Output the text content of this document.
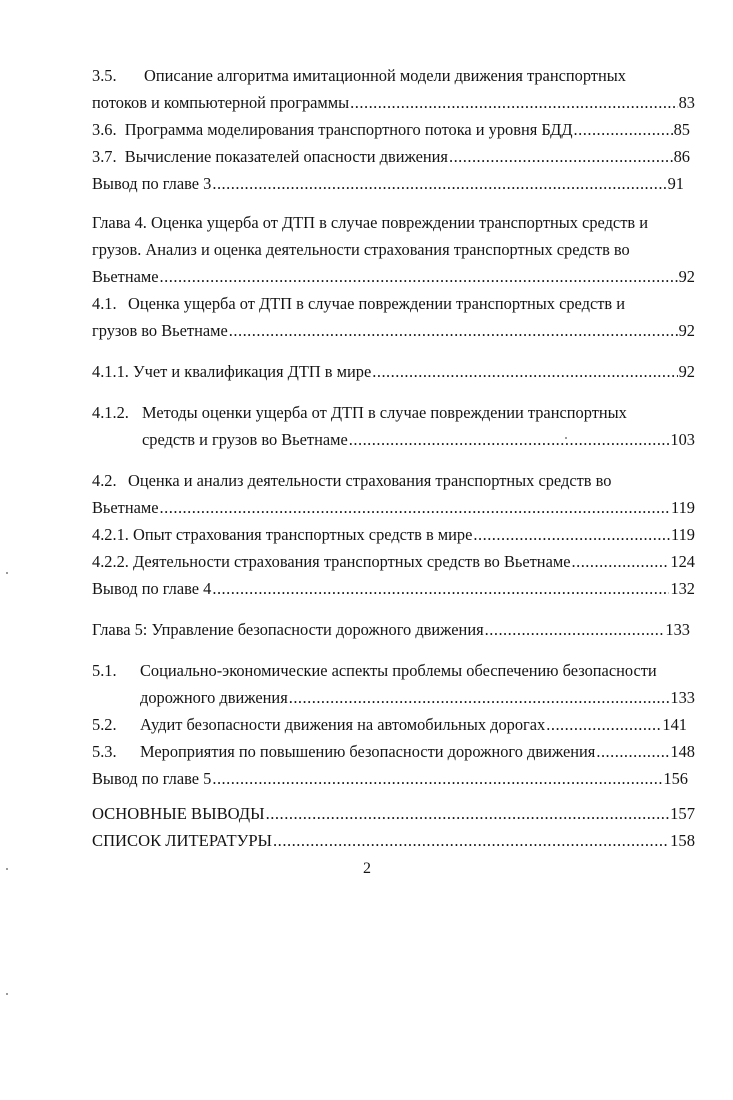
3.5. Описание алгоритма имитационной модели движения транспортных
потоков и компьютерной программы .....	83
3.6. Программа моделирования транспортного потока и уровня БДД .....	85
3.7. Вычисление показателей опасности движения .....	86
Вывод по главе 3 .....	91
Глава 4. Оценка ущерба от ДТП в случае повреждении транспортных средств и
грузов. Анализ и оценка деятельности страхования транспортных средств во
Вьетнаме .....	92
4.1. Оценка ущерба от ДТП в случае повреждении транспортных средств и
грузов во Вьетнаме .....	92
4.1.1. Учет и квалификация ДТП в мире .....	92
4.1.2. Методы оценки ущерба от ДТП в случае повреждении транспортных
средств и грузов во Вьетнаме .....	103
4.2. Оценка и анализ деятельности страхования транспортных средств во
Вьетнаме .....	119
4.2.1. Опыт страхования транспортных средств в мире .....	119
4.2.2. Деятельности страхования транспортных средств во Вьетнаме .....	124
Вывод по главе 4 .....	132
Глава 5: Управление безопасности дорожного движения .....	133
5.1.	Социально-экономические аспекты проблемы обеспечению безопасности
дорожного движения .....	133
5.2.	Аудит безопасности движения на автомобильных дорогах .....	141
5.3.	Мероприятия по повышению безопасности дорожного движения .....	148
Вывод по главе 5 .....	156
ОСНОВНЫЕ ВЫВОДЫ .....	157
СПИСОК ЛИТЕРАТУРЫ .....	158
2
